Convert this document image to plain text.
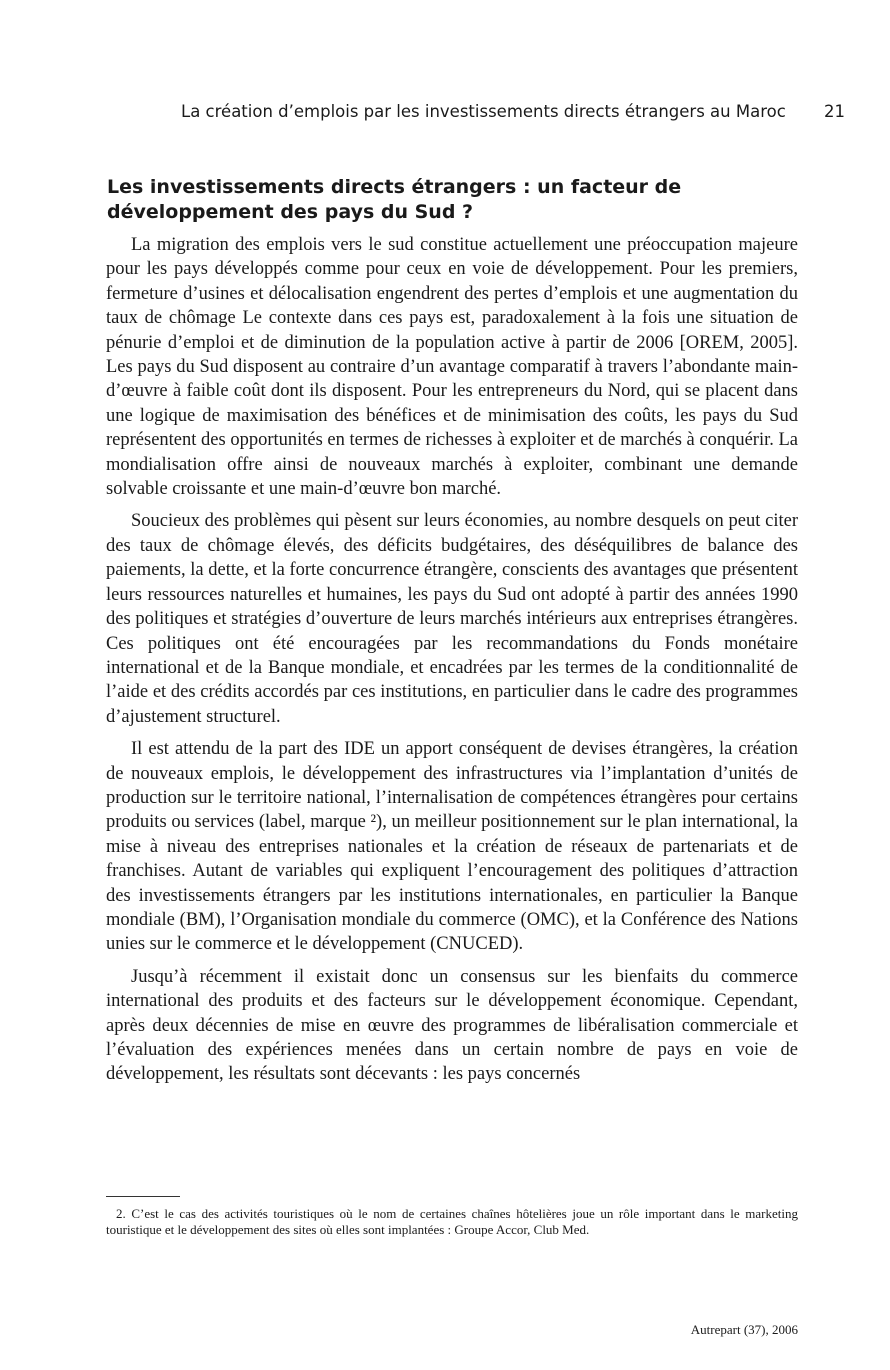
La création d’emplois par les investissements directs étrangers au Maroc 21
Les investissements directs étrangers : un facteur de développement des pays du Sud ?

La migration des emplois vers le sud constitue actuellement une préoccupation majeure pour les pays développés comme pour ceux en voie de développement. Pour les premiers, fermeture d’usines et délocalisation engendrent des pertes d’emplois et une augmentation du taux de chômage Le contexte dans ces pays est, paradoxalement à la fois une situation de pénurie d’emploi et de diminution de la population active à partir de 2006 [OREM, 2005]. Les pays du Sud disposent au contraire d’un avantage comparatif à travers l’abondante main-d’œuvre à faible coût dont ils disposent. Pour les entrepreneurs du Nord, qui se placent dans une logique de maximisation des bénéfices et de minimisation des coûts, les pays du Sud représentent des opportunités en termes de richesses à exploiter et de marchés à conquérir. La mondialisation offre ainsi de nouveaux marchés à exploiter, combinant une demande solvable croissante et une main-d’œuvre bon marché.

Soucieux des problèmes qui pèsent sur leurs économies, au nombre desquels on peut citer des taux de chômage élevés, des déficits budgétaires, des déséquilibres de balance des paiements, la dette, et la forte concurrence étrangère, conscients des avantages que présentent leurs ressources naturelles et humaines, les pays du Sud ont adopté à partir des années 1990 des politiques et stratégies d’ouverture de leurs marchés intérieurs aux entreprises étrangères. Ces politiques ont été encouragées par les recommandations du Fonds monétaire international et de la Banque mondiale, et encadrées par les termes de la conditionnalité de l’aide et des crédits accordés par ces institutions, en particulier dans le cadre des programmes d’ajustement structurel.

Il est attendu de la part des IDE un apport conséquent de devises étrangères, la création de nouveaux emplois, le développement des infrastructures via l’implantation d’unités de production sur le territoire national, l’internalisation de compétences étrangères pour certains produits ou services (label, marque ²), un meilleur positionnement sur le plan international, la mise à niveau des entreprises nationales et la création de réseaux de partenariats et de franchises. Autant de variables qui expliquent l’encouragement des politiques d’attraction des investissements étrangers par les institutions internationales, en particulier la Banque mondiale (BM), l’Organisation mondiale du commerce (OMC), et la Conférence des Nations unies sur le commerce et le développement (CNUCED).

Jusqu’à récemment il existait donc un consensus sur les bienfaits du commerce international des produits et des facteurs sur le développement économique. Cependant, après deux décennies de mise en œuvre des programmes de libéralisation commerciale et l’évaluation des expériences menées dans un certain nombre de pays en voie de développement, les résultats sont décevants : les pays concernés

2. C’est le cas des activités touristiques où le nom de certaines chaînes hôtelières joue un rôle important dans le marketing touristique et le développement des sites où elles sont implantées : Groupe Accor, Club Med.

Autrepart (37), 2006
